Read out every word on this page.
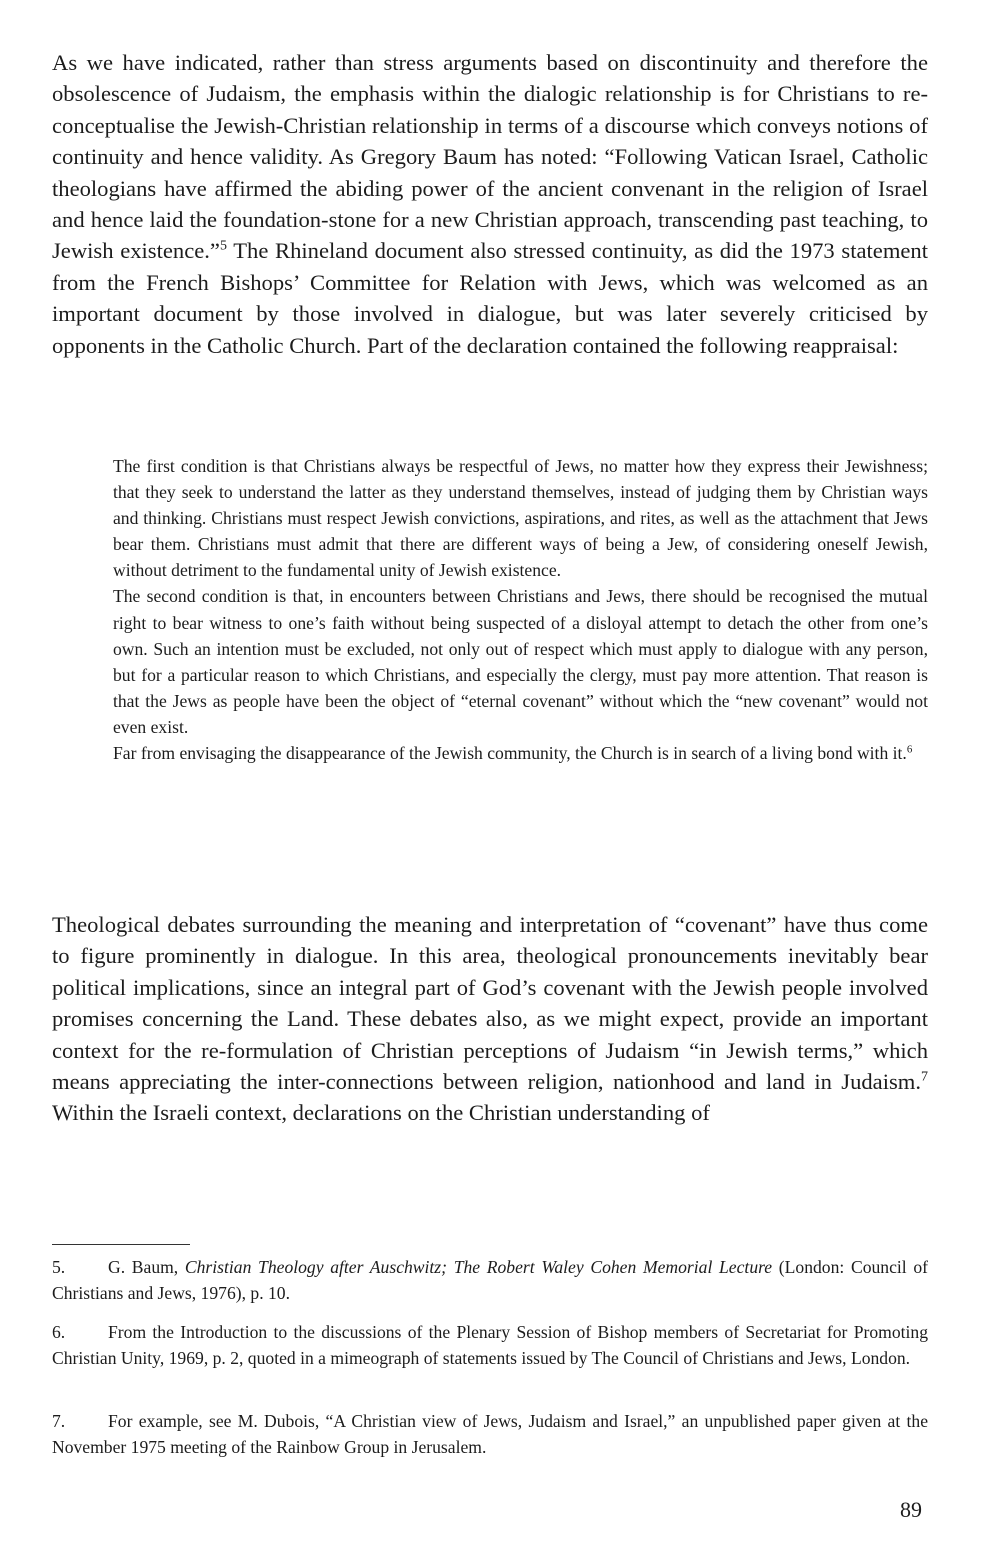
As we have indicated, rather than stress arguments based on discontinuity and therefore the obsolescence of Judaism, the emphasis within the dialogic relationship is for Christians to re-conceptualise the Jewish-Christian relationship in terms of a discourse which conveys notions of continuity and hence validity. As Gregory Baum has noted: “Following Vatican Israel, Catholic theologians have affirmed the abiding power of the ancient convenant in the religion of Israel and hence laid the foundation-stone for a new Christian approach, transcending past teaching, to Jewish existence.”$^5$ The Rhineland document also stressed continuity, as did the 1973 statement from the French Bishops’ Committee for Relation with Jews, which was welcomed as an important document by those involved in dialogue, but was later severely criticised by opponents in the Catholic Church. Part of the declaration contained the following reappraisal:

The first condition is that Christians always be respectful of Jews, no matter how they express their Jewishness; that they seek to understand the latter as they understand themselves, instead of judging them by Christian ways and thinking. Christians must respect Jewish convictions, aspirations, and rites, as well as the attachment that Jews bear them. Christians must admit that there are different ways of being a Jew, of considering oneself Jewish, without detriment to the fundamental unity of Jewish existence.

The second condition is that, in encounters between Christians and Jews, there should be recognised the mutual right to bear witness to one’s faith without being suspected of a disloyal attempt to detach the other from one’s own. Such an intention must be excluded, not only out of respect which must apply to dialogue with any person, but for a particular reason to which Christians, and especially the clergy, must pay more attention. That reason is that the Jews as people have been the object of “eternal covenant” without which the “new covenant” would not even exist.

Far from envisaging the disappearance of the Jewish community, the Church is in search of a living bond with it.$^6$

Theological debates surrounding the meaning and interpretation of “covenant” have thus come to figure prominently in dialogue. In this area, theological pronouncements inevitably bear political implications, since an integral part of God’s covenant with the Jewish people involved promises concerning the Land. These debates also, as we might expect, provide an important context for the re-formulation of Christian perceptions of Judaism “in Jewish terms,” which means appreciating the inter-connections between religion, nationhood and land in Judaism.$^7$ Within the Israeli context, declarations on the Christian understanding of

5. G. Baum, Christian Theology after Auschwitz; The Robert Waley Cohen Memorial Lecture (London: Council of Christians and Jews, 1976), p. 10.

6. From the Introduction to the discussions of the Plenary Session of Bishop members of Secretariat for Promoting Christian Unity, 1969, p. 2, quoted in a mimeograph of statements issued by The Council of Christians and Jews, London.

7. For example, see M. Dubois, “A Christian view of Jews, Judaism and Israel,” an unpublished paper given at the November 1975 meeting of the Rainbow Group in Jerusalem.

89
